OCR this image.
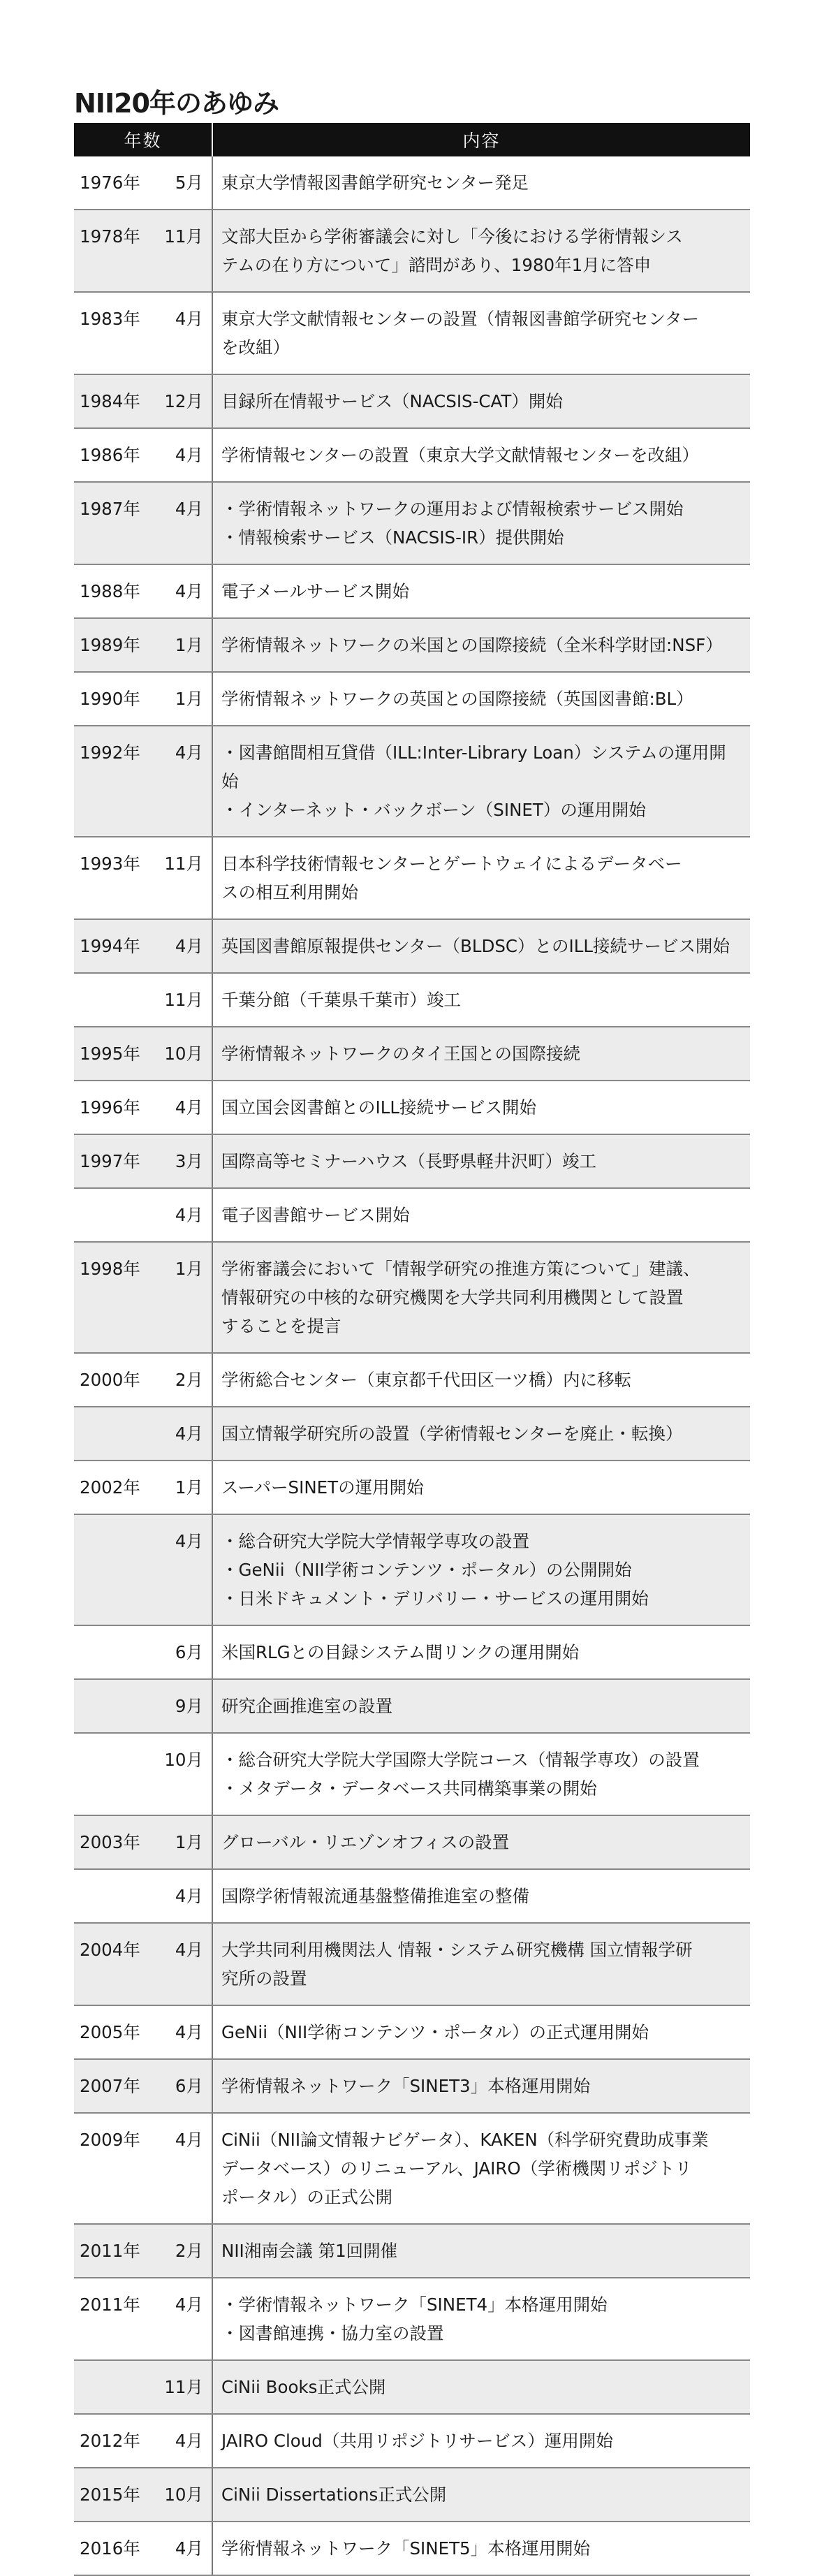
NII20年のあゆみ
年数	内容

1976年 5月	東京大学情報図書館学研究センター発足

1978年 11月	文部大臣から学術審議会に対し「今後における学術情報シス
テムの在り方について」諮問があり、1980年1月に答申

1983年 4月	東京大学文献情報センターの設置（情報図書館学研究センター
を改組）

1984年 12月	目録所在情報サービス（NACSIS-CAT）開始

1986年 4月	学術情報センターの設置（東京大学文献情報センターを改組）

1987年 4月	・学術情報ネットワークの運用および情報検索サービス開始
・情報検索サービス（NACSIS-IR）提供開始

1988年 4月	電子メールサービス開始

1989年 1月	学術情報ネットワークの米国との国際接続（全米科学財団:NSF）

1990年 1月	学術情報ネットワークの英国との国際接続（英国図書館:BL）

1992年 4月	・図書館間相互貸借（ILL:Inter-Library Loan）システムの運用開始
・インターネット・バックボーン（SINET）の運用開始

1993年 11月	日本科学技術情報センターとゲートウェイによるデータベー
スの相互利用開始

1994年 4月	英国図書館原報提供センター（BLDSC）とのILL接続サービス開始

11月	千葉分館（千葉県千葉市）竣工

1995年 10月	学術情報ネットワークのタイ王国との国際接続

1996年 4月	国立国会図書館とのILL接続サービス開始

1997年 3月	国際高等セミナーハウス（長野県軽井沢町）竣工

4月	電子図書館サービス開始

1998年 1月	学術審議会において「情報学研究の推進方策について」建議、
情報研究の中核的な研究機関を大学共同利用機関として設置
することを提言

2000年 2月	学術総合センター（東京都千代田区一ツ橋）内に移転

4月	国立情報学研究所の設置（学術情報センターを廃止・転換）

2002年 1月	スーパーSINETの運用開始

4月	・総合研究大学院大学情報学専攻の設置
・GeNii（NII学術コンテンツ・ポータル）の公開開始
・日米ドキュメント・デリバリー・サービスの運用開始

6月	米国RLGとの目録システム間リンクの運用開始

9月	研究企画推進室の設置

10月	・総合研究大学院大学国際大学院コース（情報学専攻）の設置
・メタデータ・データベース共同構築事業の開始

2003年 1月	グローバル・リエゾンオフィスの設置

4月	国際学術情報流通基盤整備推進室の整備

2004年 4月	大学共同利用機関法人 情報・システム研究機構 国立情報学研
究所の設置

2005年 4月	GeNii（NII学術コンテンツ・ポータル）の正式運用開始

2007年 6月	学術情報ネットワーク「SINET3」本格運用開始

2009年 4月	CiNii（NII論文情報ナビゲータ）、KAKEN（科学研究費助成事業
データベース）のリニューアル、JAIRO（学術機関リポジトリ
ポータル）の正式公開

2011年 2月	NII湘南会議 第1回開催

2011年 4月	・学術情報ネットワーク「SINET4」本格運用開始
・図書館連携・協力室の設置

11月	CiNii Books正式公開

2012年 4月	JAIRO Cloud（共用リポジトリサービス）運用開始

2015年 10月	CiNii Dissertations正式公開

2016年 4月	学術情報ネットワーク「SINET5」本格運用開始
